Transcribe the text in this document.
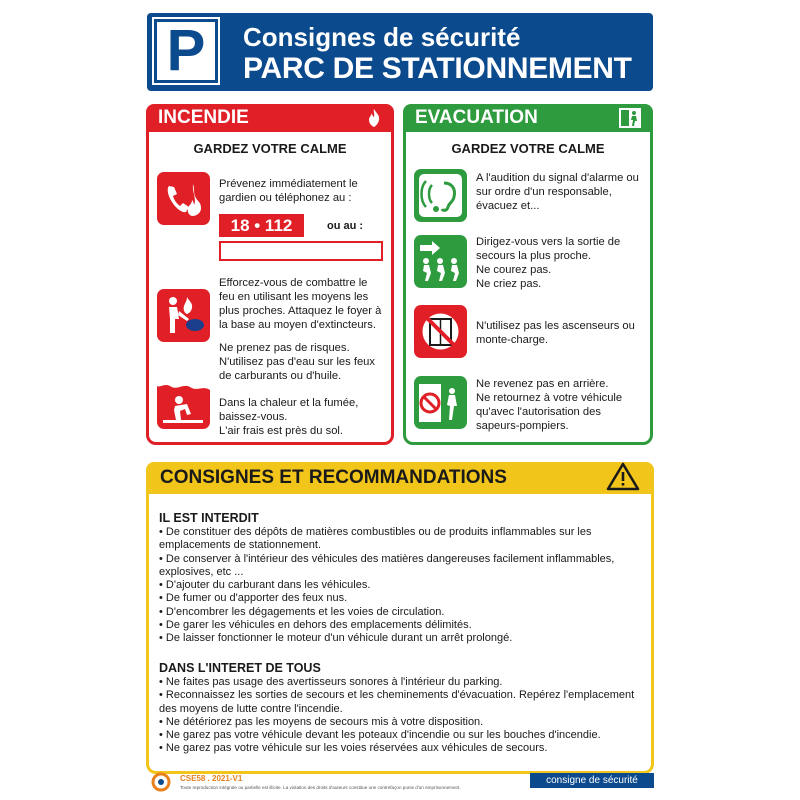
P Consignes de sécurité
PARC DE STATIONNEMENT
INCENDIE
GARDEZ VOTRE CALME
Prévenez immédiatement le
gardien ou téléphonez au :
18 • 112	ou au :
Efforcez-vous de combattre le
feu en utilisant les moyens les
plus proches. Attaquez le foyer à
la base au moyen d'extincteurs.
Ne prenez pas de risques.
N'utilisez pas d'eau sur les feux
de carburants ou d'huile.
Dans la chaleur et la fumée,
baissez-vous.
L'air frais est près du sol.
EVACUATION
GARDEZ VOTRE CALME
A l'audition du signal d'alarme ou
sur ordre d'un responsable,
évacuez et...
Dirigez-vous vers la sortie de
secours la plus proche.
Ne courez pas.
Ne criez pas.
N'utilisez pas les ascenseurs ou
monte-charge.
Ne revenez pas en arrière.
Ne retournez à votre véhicule
qu'avec l'autorisation des
sapeurs-pompiers.
CONSIGNES ET RECOMMANDATIONS
IL EST INTERDIT
• De constituer des dépôts de matières combustibles ou de produits inflammables sur les emplacements de stationnement.
• De conserver à l'intérieur des véhicules des matières dangereuses facilement inflammables, explosives, etc ...
• D'ajouter du carburant dans les véhicules.
• De fumer ou d'apporter des feux nus.
• D'encombrer les dégagements et les voies de circulation.
• De garer les véhicules en dehors des emplacements délimités.
• De laisser fonctionner le moteur d'un véhicule durant un arrêt prolongé.
DANS L'INTERET DE TOUS
• Ne faites pas usage des avertisseurs sonores à l'intérieur du parking.
• Reconnaissez les sorties de secours et les cheminements d'évacuation. Repérez l'emplacement des moyens de lutte contre l'incendie.
• Ne détériorez pas les moyens de secours mis à votre disposition.
• Ne garez pas votre véhicule devant les poteaux d'incendie ou sur les bouches d'incendie.
• Ne garez pas votre véhicule sur les voies réservées aux véhicules de secours.
CSE58 . 2021-V1
Toute reproduction intégrale ou partielle est illicite. La violation des droits d'auteurs constitue une contrefaçon punie d'un emprisonnement.
consigne de sécurité
